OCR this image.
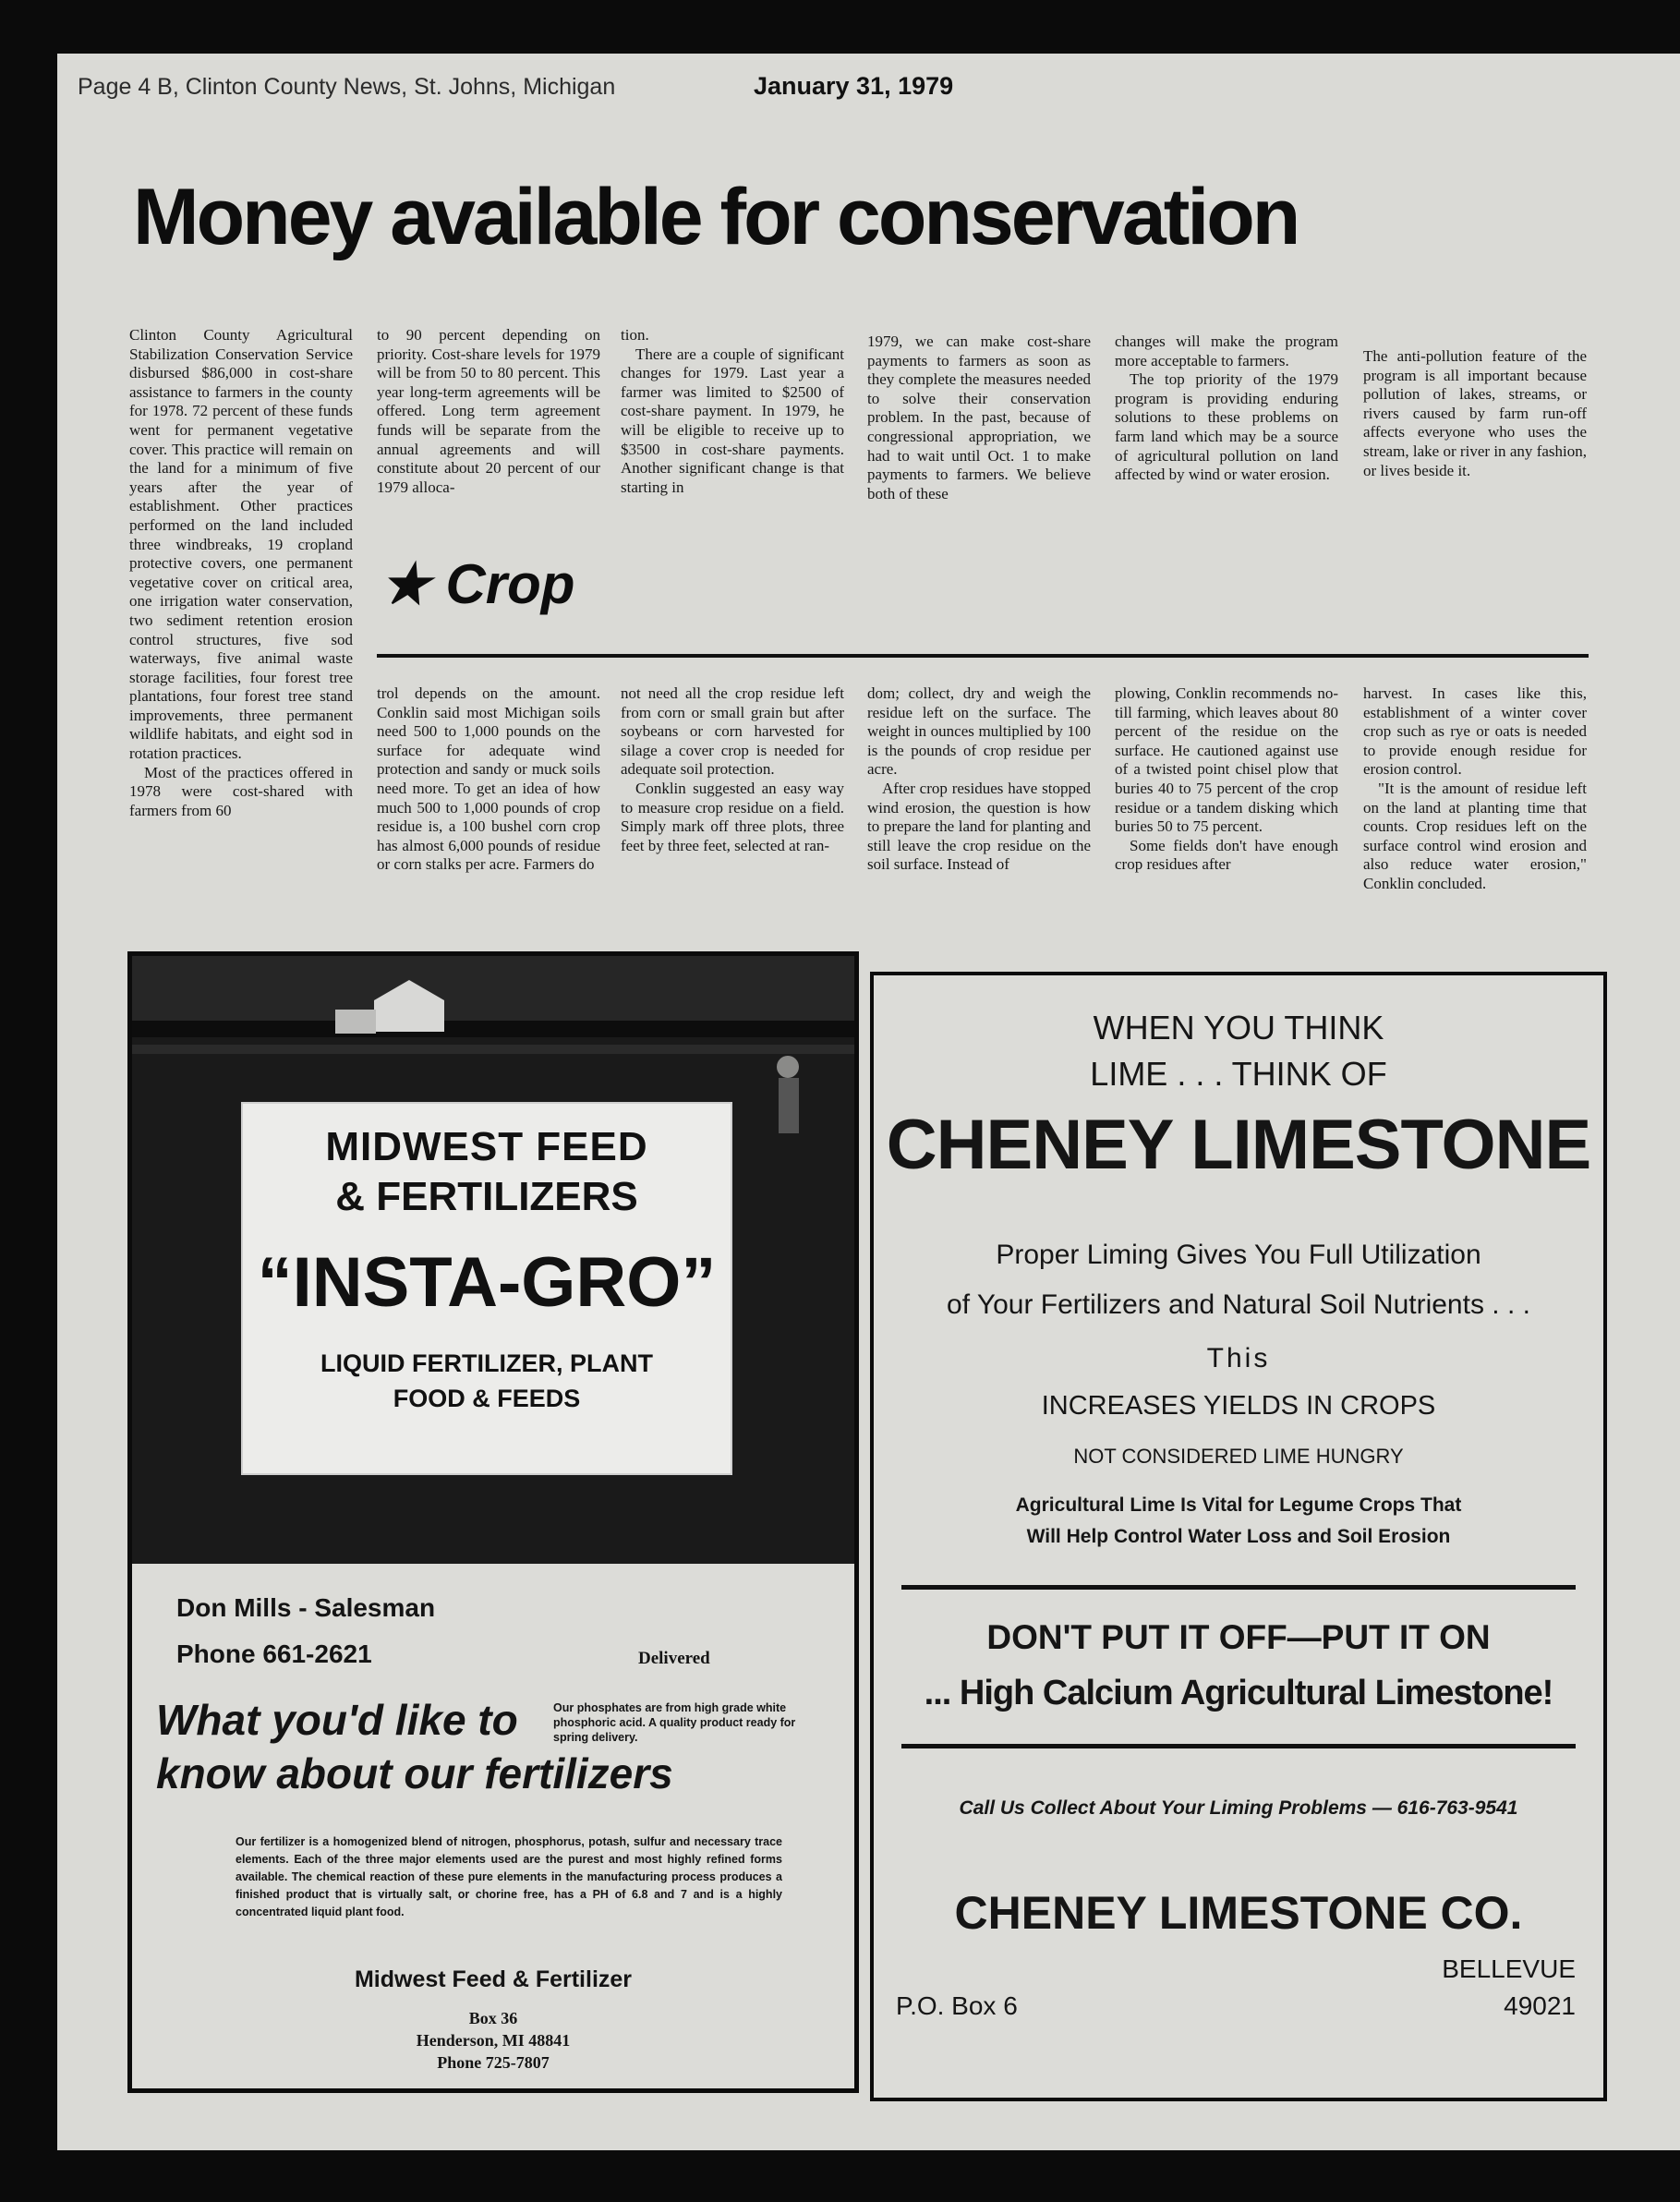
Page 4 B, Clinton County News, St. Johns, Michigan	January 31, 1979
Money available for conservation

Clinton County Agricultural Stabilization Conservation Service disbursed $86,000 in cost-share assistance to farmers in the county for 1978. 72 percent of these funds went for permanent vegetative cover. This practice will remain on the land for a minimum of five years after the year of establishment. Other practices performed on the land included three windbreaks, 19 cropland protective covers, one permanent vegetative cover on critical area, one irrigation water conservation, two sediment retention erosion control structures, five sod waterways, five animal waste storage facilities, four forest tree plantations, four forest tree stand improvements, three permanent wildlife habitats, and eight sod in rotation practices.

Most of the practices offered in 1978 were cost-shared with farmers from 60

to 90 percent depending on priority. Cost-share levels for 1979 will be from 50 to 80 percent. This year long-term agreements will be offered. Long term agreement funds will be separate from the annual agreements and will constitute about 20 percent of our 1979 alloca-

tion.

There are a couple of significant changes for 1979. Last year a farmer was limited to $2500 of cost-share payment. In 1979, he will be eligible to receive up to $3500 in cost-share payments. Another significant change is that starting in

1979, we can make cost-share payments to farmers as soon as they complete the measures needed to solve their conservation problem. In the past, because of congressional appropriation, we had to wait until Oct. 1 to make payments to farmers. We believe both of these

changes will make the program more acceptable to farmers.

The top priority of the 1979 program is providing enduring solutions to these problems on farm land which may be a source of agricultural pollution on land affected by wind or water erosion.

The anti-pollution feature of the program is all important because pollution of lakes, streams, or rivers caused by farm run-off affects everyone who uses the stream, lake or river in any fashion, or lives beside it.

★ Crop

trol depends on the amount. Conklin said most Michigan soils need 500 to 1,000 pounds on the surface for adequate wind protection and sandy or muck soils need more. To get an idea of how much 500 to 1,000 pounds of crop residue is, a 100 bushel corn crop has almost 6,000 pounds of residue or corn stalks per acre. Farmers do

not need all the crop residue left from corn or small grain but after soybeans or corn harvested for silage a cover crop is needed for adequate soil protection.

Conklin suggested an easy way to measure crop residue on a field. Simply mark off three plots, three feet by three feet, selected at ran-

dom; collect, dry and weigh the residue left on the surface. The weight in ounces multiplied by 100 is the pounds of crop residue per acre.

After crop residues have stopped wind erosion, the question is how to prepare the land for planting and still leave the crop residue on the soil surface. Instead of

plowing, Conklin recommends no-till farming, which leaves about 80 percent of the residue on the surface. He cautioned against use of a twisted point chisel plow that buries 40 to 75 percent of the crop residue or a tandem disking which buries 50 to 75 percent.

Some fields don't have enough crop residues after

harvest. In cases like this, establishment of a winter cover crop such as rye or oats is needed to provide enough residue for erosion control.

"It is the amount of residue left on the land at planting time that counts. Crop residues left on the surface control wind erosion and also reduce water erosion," Conklin concluded.

MIDWEST FEED
& FERTILIZERS
“INSTA-GRO”
LIQUID FERTILIZER, PLANT
FOOD & FEEDS
Don Mills - Salesman
Phone 661-2621	Delivered
Our phosphates are from high grade white phosphoric acid. A quality product ready for spring delivery.
What you'd like to
know about our fertilizers
Our fertilizer is a homogenized blend of nitrogen, phosphorus, potash, sulfur and necessary trace elements. Each of the three major elements used are the purest and most highly refined forms available. The chemical reaction of these pure elements in the manufacturing process produces a finished product that is virtually salt, or chorine free, has a PH of 6.8 and 7 and is a highly concentrated liquid plant food.
Midwest Feed & Fertilizer
Box 36
Henderson, MI 48841
Phone 725-7807
WHEN YOU THINK
LIME . . . THINK OF
CHENEY LIMESTONE
Proper Liming Gives You Full Utilization
of Your Fertilizers and Natural Soil Nutrients . . .
This
INCREASES YIELDS IN CROPS
NOT CONSIDERED LIME HUNGRY
Agricultural Lime Is Vital for Legume Crops That
Will Help Control Water Loss and Soil Erosion
DON'T PUT IT OFF—PUT IT ON
... High Calcium Agricultural Limestone!
Call Us Collect About Your Liming Problems — 616-763-9541
CHENEY LIMESTONE CO.
P.O. Box 6
BELLEVUE
49021
